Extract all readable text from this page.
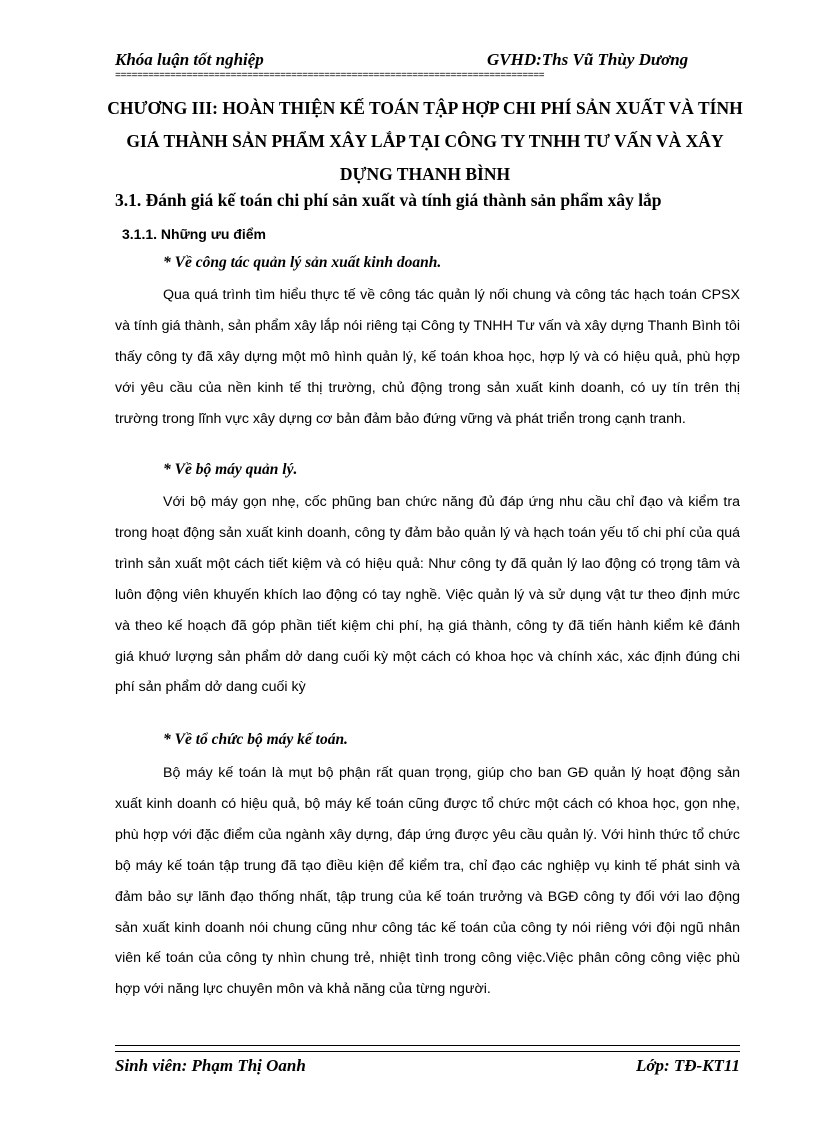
Khóa luận tốt nghiệp	GVHD:Ths Vũ Thùy Dương
==============================================================================
CHƯƠNG III: HOÀN THIỆN KẾ TOÁN TẬP HỢP CHI PHÍ SẢN XUẤT VÀ TÍNH GIÁ THÀNH SẢN PHẨM XÂY LẮP TẠI CÔNG TY TNHH TƯ VẤN VÀ XÂY DỰNG THANH BÌNH
3.1. Đánh giá kế toán chi phí sản xuất và tính giá thành sản phẩm xây lắp
3.1.1. Những ưu điểm
* Về công tác quản lý sản xuất kinh doanh.
Qua quá trình tìm hiểu thực tế về công tác quản lý nối chung và công tác hạch toán CPSX và tính giá thành, sản phẩm xây lắp nói riêng tại Công ty TNHH Tư vấn và xây dựng Thanh Bình tôi thấy công ty đã xây dựng một mô hình quản lý, kế toán khoa học, hợp lý và có hiệu quả, phù hợp với yêu cầu của nền kinh tế thị trường, chủ động trong sản xuất kinh doanh, có uy tín trên thị trường trong lĩnh vực xây dựng cơ bản đảm bảo đứng vững và phát triển trong cạnh tranh.
* Về bộ máy quản lý.
Với bộ máy gọn nhẹ, cốc phũng ban chức năng đủ đáp ứng nhu cầu chỉ đạo và kiểm tra trong hoạt động sản xuất kinh doanh, công ty đảm bảo quản lý và hạch toán yếu tố chi phí của quá trình sản xuất một cách tiết kiệm và có hiệu quả: Như công ty đã quản lý lao động có trọng tâm và luôn động viên khuyến khích lao động có tay nghề. Việc quản lý và sử dụng vật tư theo định mức và theo kế hoạch đã góp phần tiết kiệm chi phí, hạ giá thành, công ty đã tiến hành kiểm kê đánh giá khuớ lượng sản phẩm dở dang cuối kỳ một cách có khoa học và chính xác, xác định đúng chi phí sản phẩm dở dang cuối kỳ
* Về tổ chức bộ máy kế toán.
Bộ máy kế toán là mụt bộ phận rất quan trọng, giúp cho ban GĐ quản lý hoạt động sản xuất kinh doanh có hiệu quả, bộ máy kế toán cũng được tổ chức một cách có khoa học, gọn nhẹ, phù hợp với đặc điểm của ngành xây dựng, đáp ứng được yêu cầu quản lý. Với hình thức tổ chức bộ máy kế toán tập trung đã tạo điều kiện để kiểm tra, chỉ đạo các nghiệp vụ kinh tế phát sinh và đảm bảo sự lãnh đạo thống nhất, tập trung của kế toán trưởng và BGĐ công ty đối với lao động sản xuất kinh doanh nói chung cũng như công tác kế toán của công ty nói riêng với đội ngũ nhân viên kế toán của công ty nhìn chung trẻ, nhiệt tình trong công việc.Việc phân công công việc phù hợp với năng lực chuyên môn và khả năng của từng người.
Sinh viên: Phạm Thị Oanh	Lớp: TĐ-KT11
